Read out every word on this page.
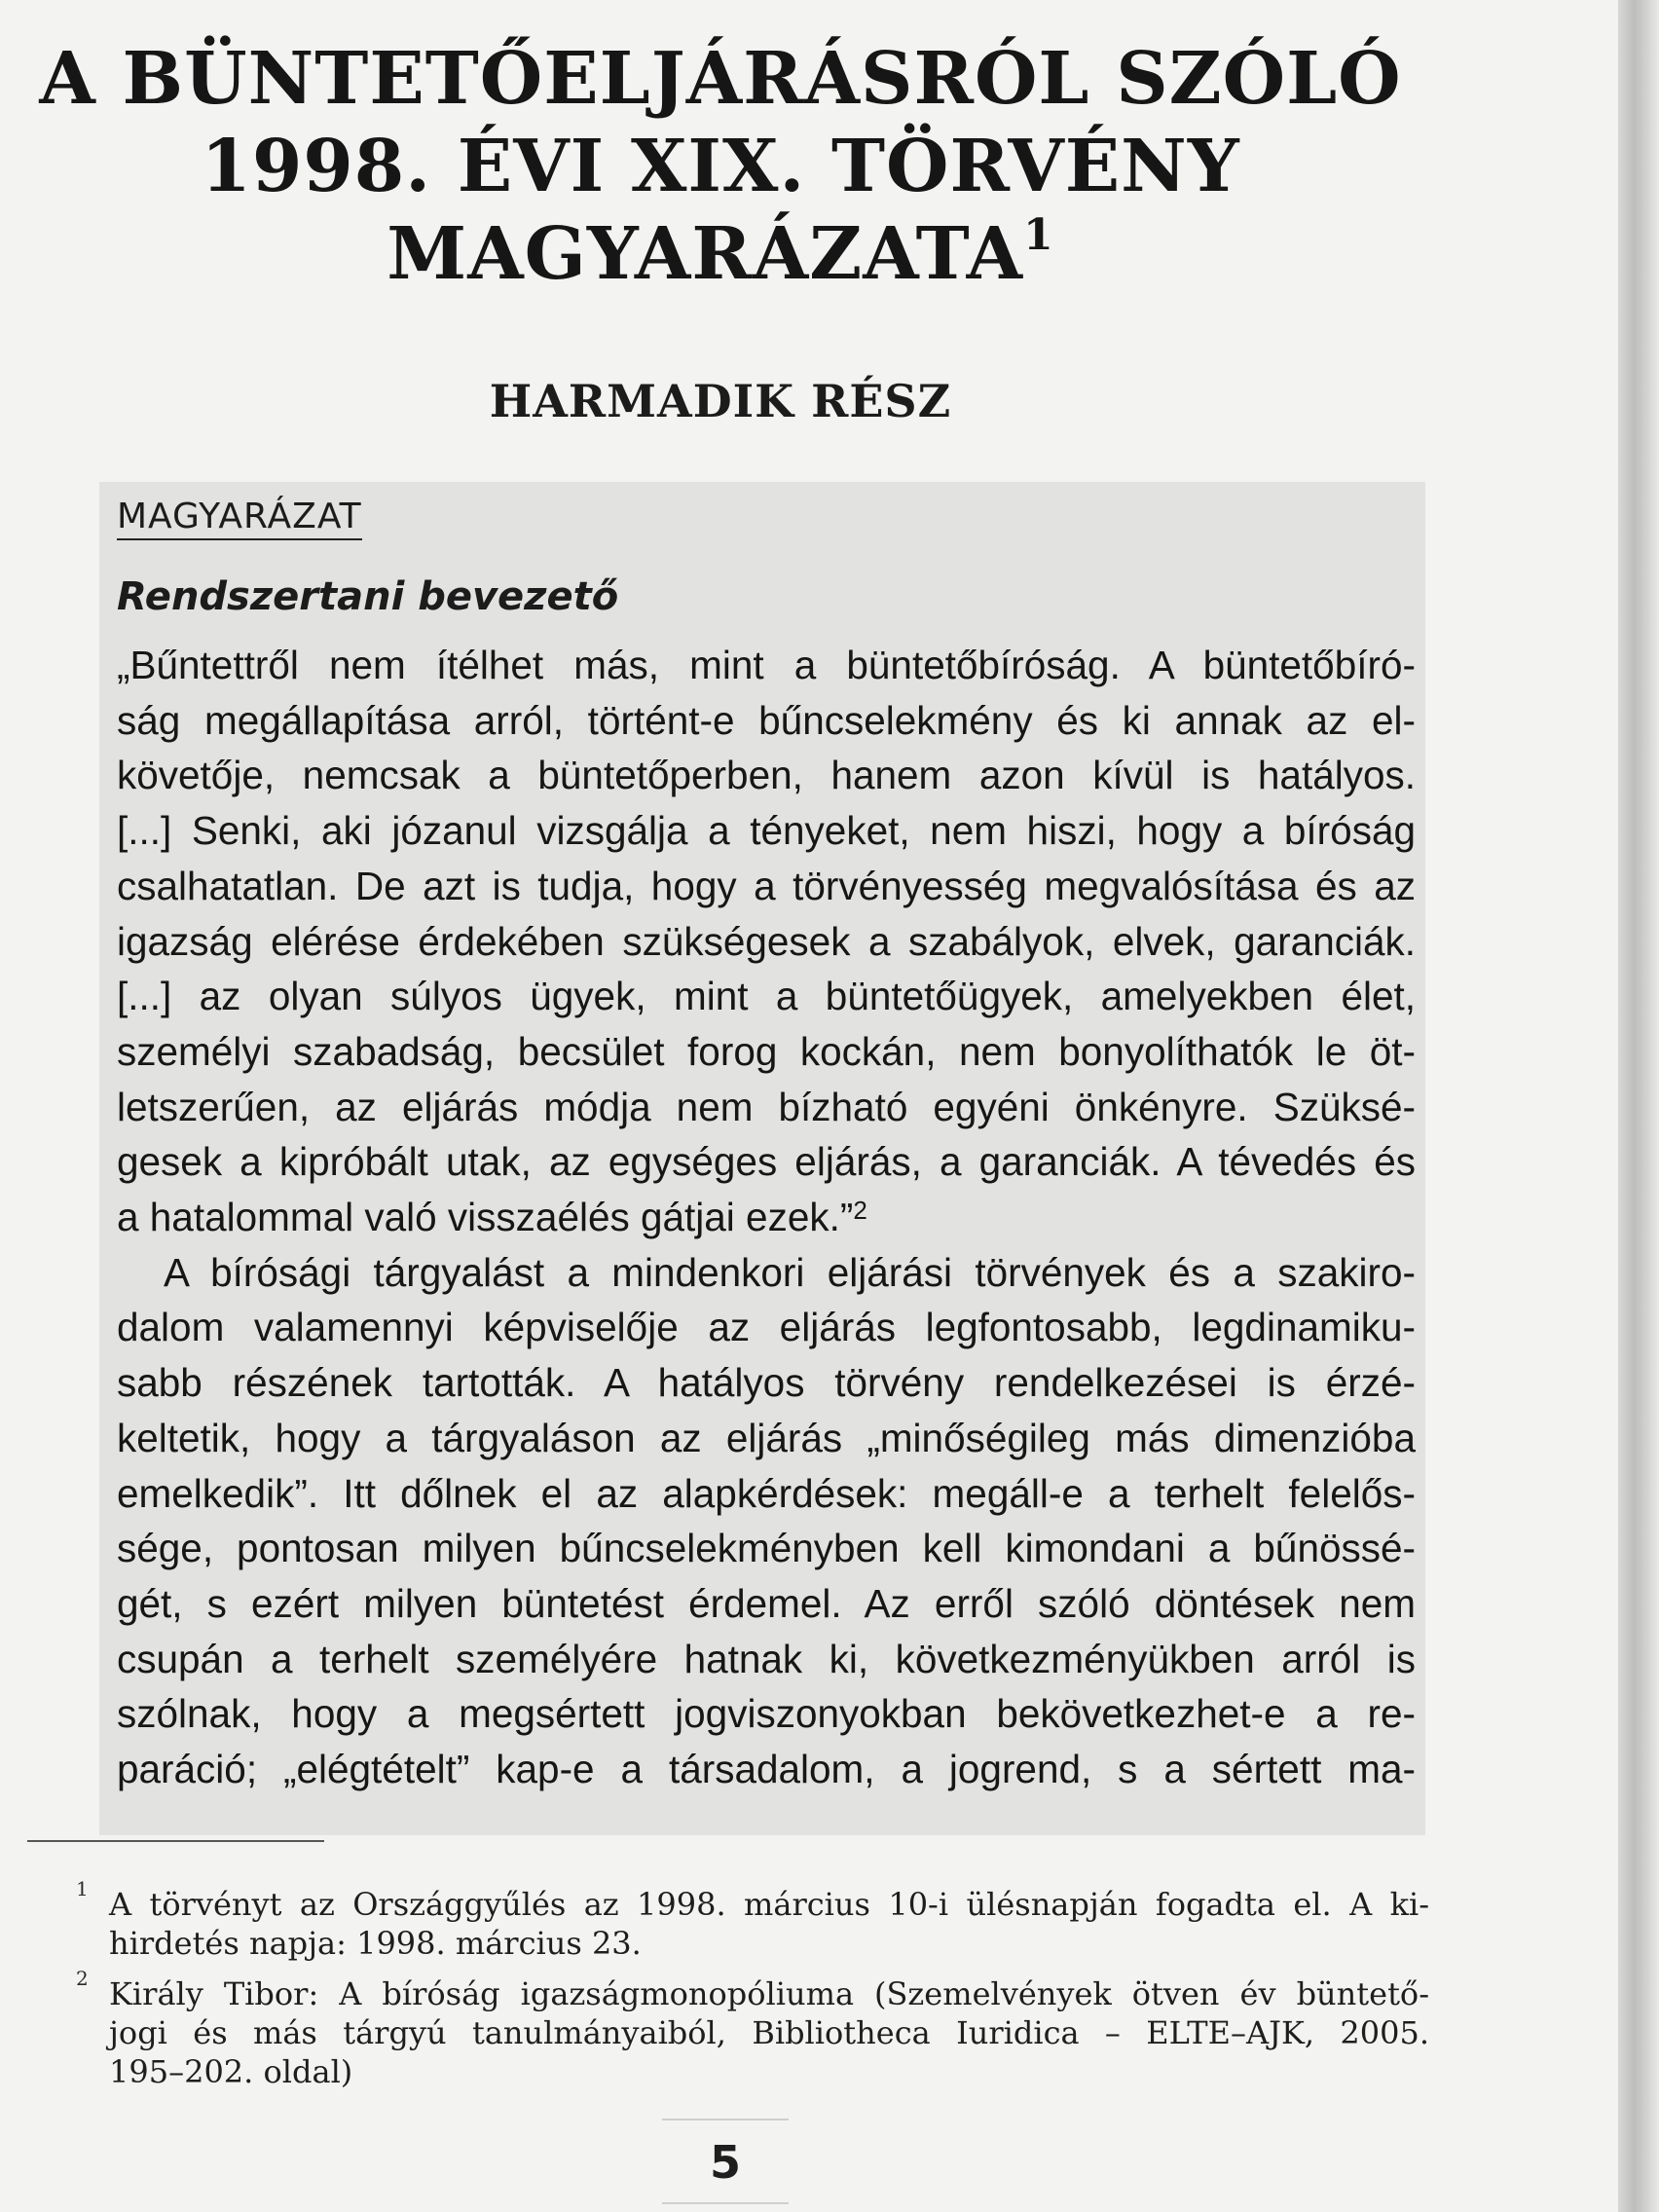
A BÜNTETŐELJÁRÁSRÓL SZÓLÓ
1998. ÉVI XIX. TÖRVÉNY
MAGYARÁZATA$^1$
HARMADIK RÉSZ
MAGYARÁZAT
Rendszertani bevezető
„Bűntettről nem ítélhet más, mint a büntetőbíróság. A büntetőbíró-
ság megállapítása arról, történt-e bűncselekmény és ki annak az el-
követője, nemcsak a büntetőperben, hanem azon kívül is hatályos.
[...] Senki, aki józanul vizsgálja a tényeket, nem hiszi, hogy a bíróság
csalhatatlan. De azt is tudja, hogy a törvényesség megvalósítása és az
igazság elérése érdekében szükségesek a szabályok, elvek, garanciák.
[...] az olyan súlyos ügyek, mint a büntetőügyek, amelyekben élet,
személyi szabadság, becsület forog kockán, nem bonyolíthatók le öt-
letszerűen, az eljárás módja nem bízható egyéni önkényre. Szüksé-
gesek a kipróbált utak, az egységes eljárás, a garanciák. A tévedés és
a hatalommal való visszaélés gátjai ezek.”$^2$
A bírósági tárgyalást a mindenkori eljárási törvények és a szakiro-
dalom valamennyi képviselője az eljárás legfontosabb, legdinamiku-
sabb részének tartották. A hatályos törvény rendelkezései is érzé-
keltetik, hogy a tárgyaláson az eljárás „minőségileg más dimenzióba
emelkedik”. Itt dőlnek el az alapkérdések: megáll-e a terhelt felelős-
sége, pontosan milyen bűncselekményben kell kimondani a bűnössé-
gét, s ezért milyen büntetést érdemel. Az erről szóló döntések nem
csupán a terhelt személyére hatnak ki, következményükben arról is
szólnak, hogy a megsértett jogviszonyokban bekövetkezhet-e a re-
paráció; „elégtételt” kap-e a társadalom, a jogrend, s a sértett ma-
1 A törvényt az Országgyűlés az 1998. március 10-i ülésnapján fogadta el. A ki-
hirdetés napja: 1998. március 23.
2 Király Tibor: A bíróság igazságmonopóliuma (Szemelvények ötven év büntető-
jogi és más tárgyú tanulmányaiból, Bibliotheca Iuridica – ELTE–AJK, 2005.
195–202. oldal)
5
